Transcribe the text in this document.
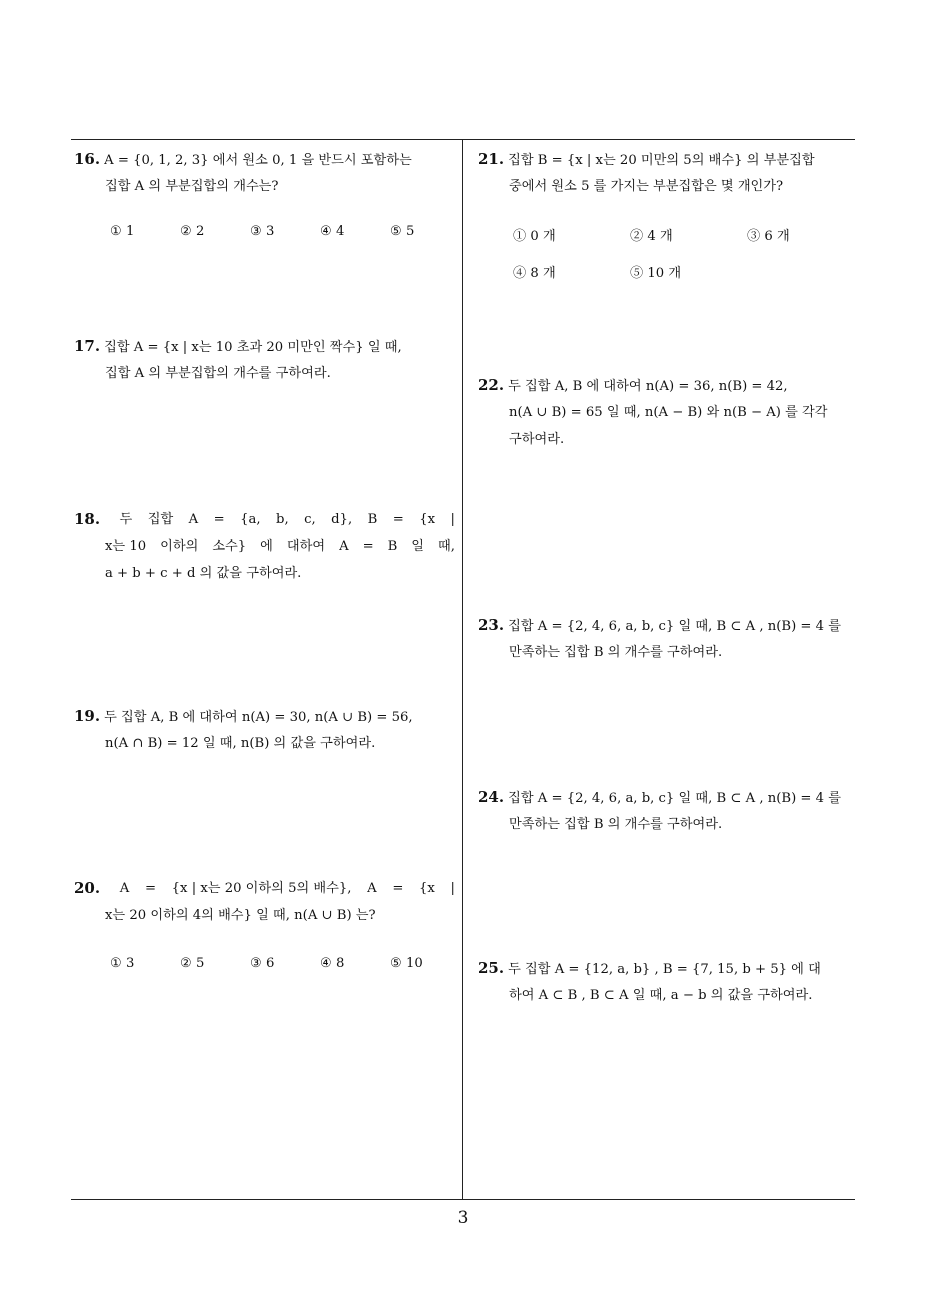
16. A = {0, 1, 2, 3} 에서 원소 0, 1 을 반드시 포함하는
집합 A 의 부분집합의 개수는?
① 1	② 2	③ 3	④ 4	⑤ 5
17. 집합 A = {x | x는 10 초과 20 미만인 짝수} 일 때,
집합 A 의 부분집합의 개수를 구하여라.
18. 두 집합 A = {a, b, c, d}, B = {x |
x는 10 이하의 소수} 에 대하여 A = B 일 때,
a + b + c + d 의 값을 구하여라.
19. 두 집합 A, B 에 대하여 n(A) = 30, n(A ∪ B) = 56,
n(A ∩ B) = 12 일 때, n(B) 의 값을 구하여라.
20. A = {x | x는 20 이하의 5의 배수}, A = {x |
x는 20 이하의 4의 배수} 일 때, n(A ∪ B) 는?
① 3	② 5	③ 6	④ 8	⑤ 10
21. 집합 B = {x | x는 20 미만의 5의 배수} 의 부분집합
중에서 원소 5 를 가지는 부분집합은 몇 개인가?
① 0 개	② 4 개	③ 6 개
④ 8 개	⑤ 10 개
22. 두 집합 A, B 에 대하여 n(A) = 36, n(B) = 42,
n(A ∪ B) = 65 일 때, n(A − B) 와 n(B − A) 를 각각
구하여라.
23. 집합 A = {2, 4, 6, a, b, c} 일 때, B ⊂ A , n(B) = 4 를
만족하는 집합 B 의 개수를 구하여라.
24. 집합 A = {2, 4, 6, a, b, c} 일 때, B ⊂ A , n(B) = 4 를
만족하는 집합 B 의 개수를 구하여라.
25. 두 집합 A = {12, a, b} , B = {7, 15, b + 5} 에 대
하여 A ⊂ B , B ⊂ A 일 때, a − b 의 값을 구하여라.
3
